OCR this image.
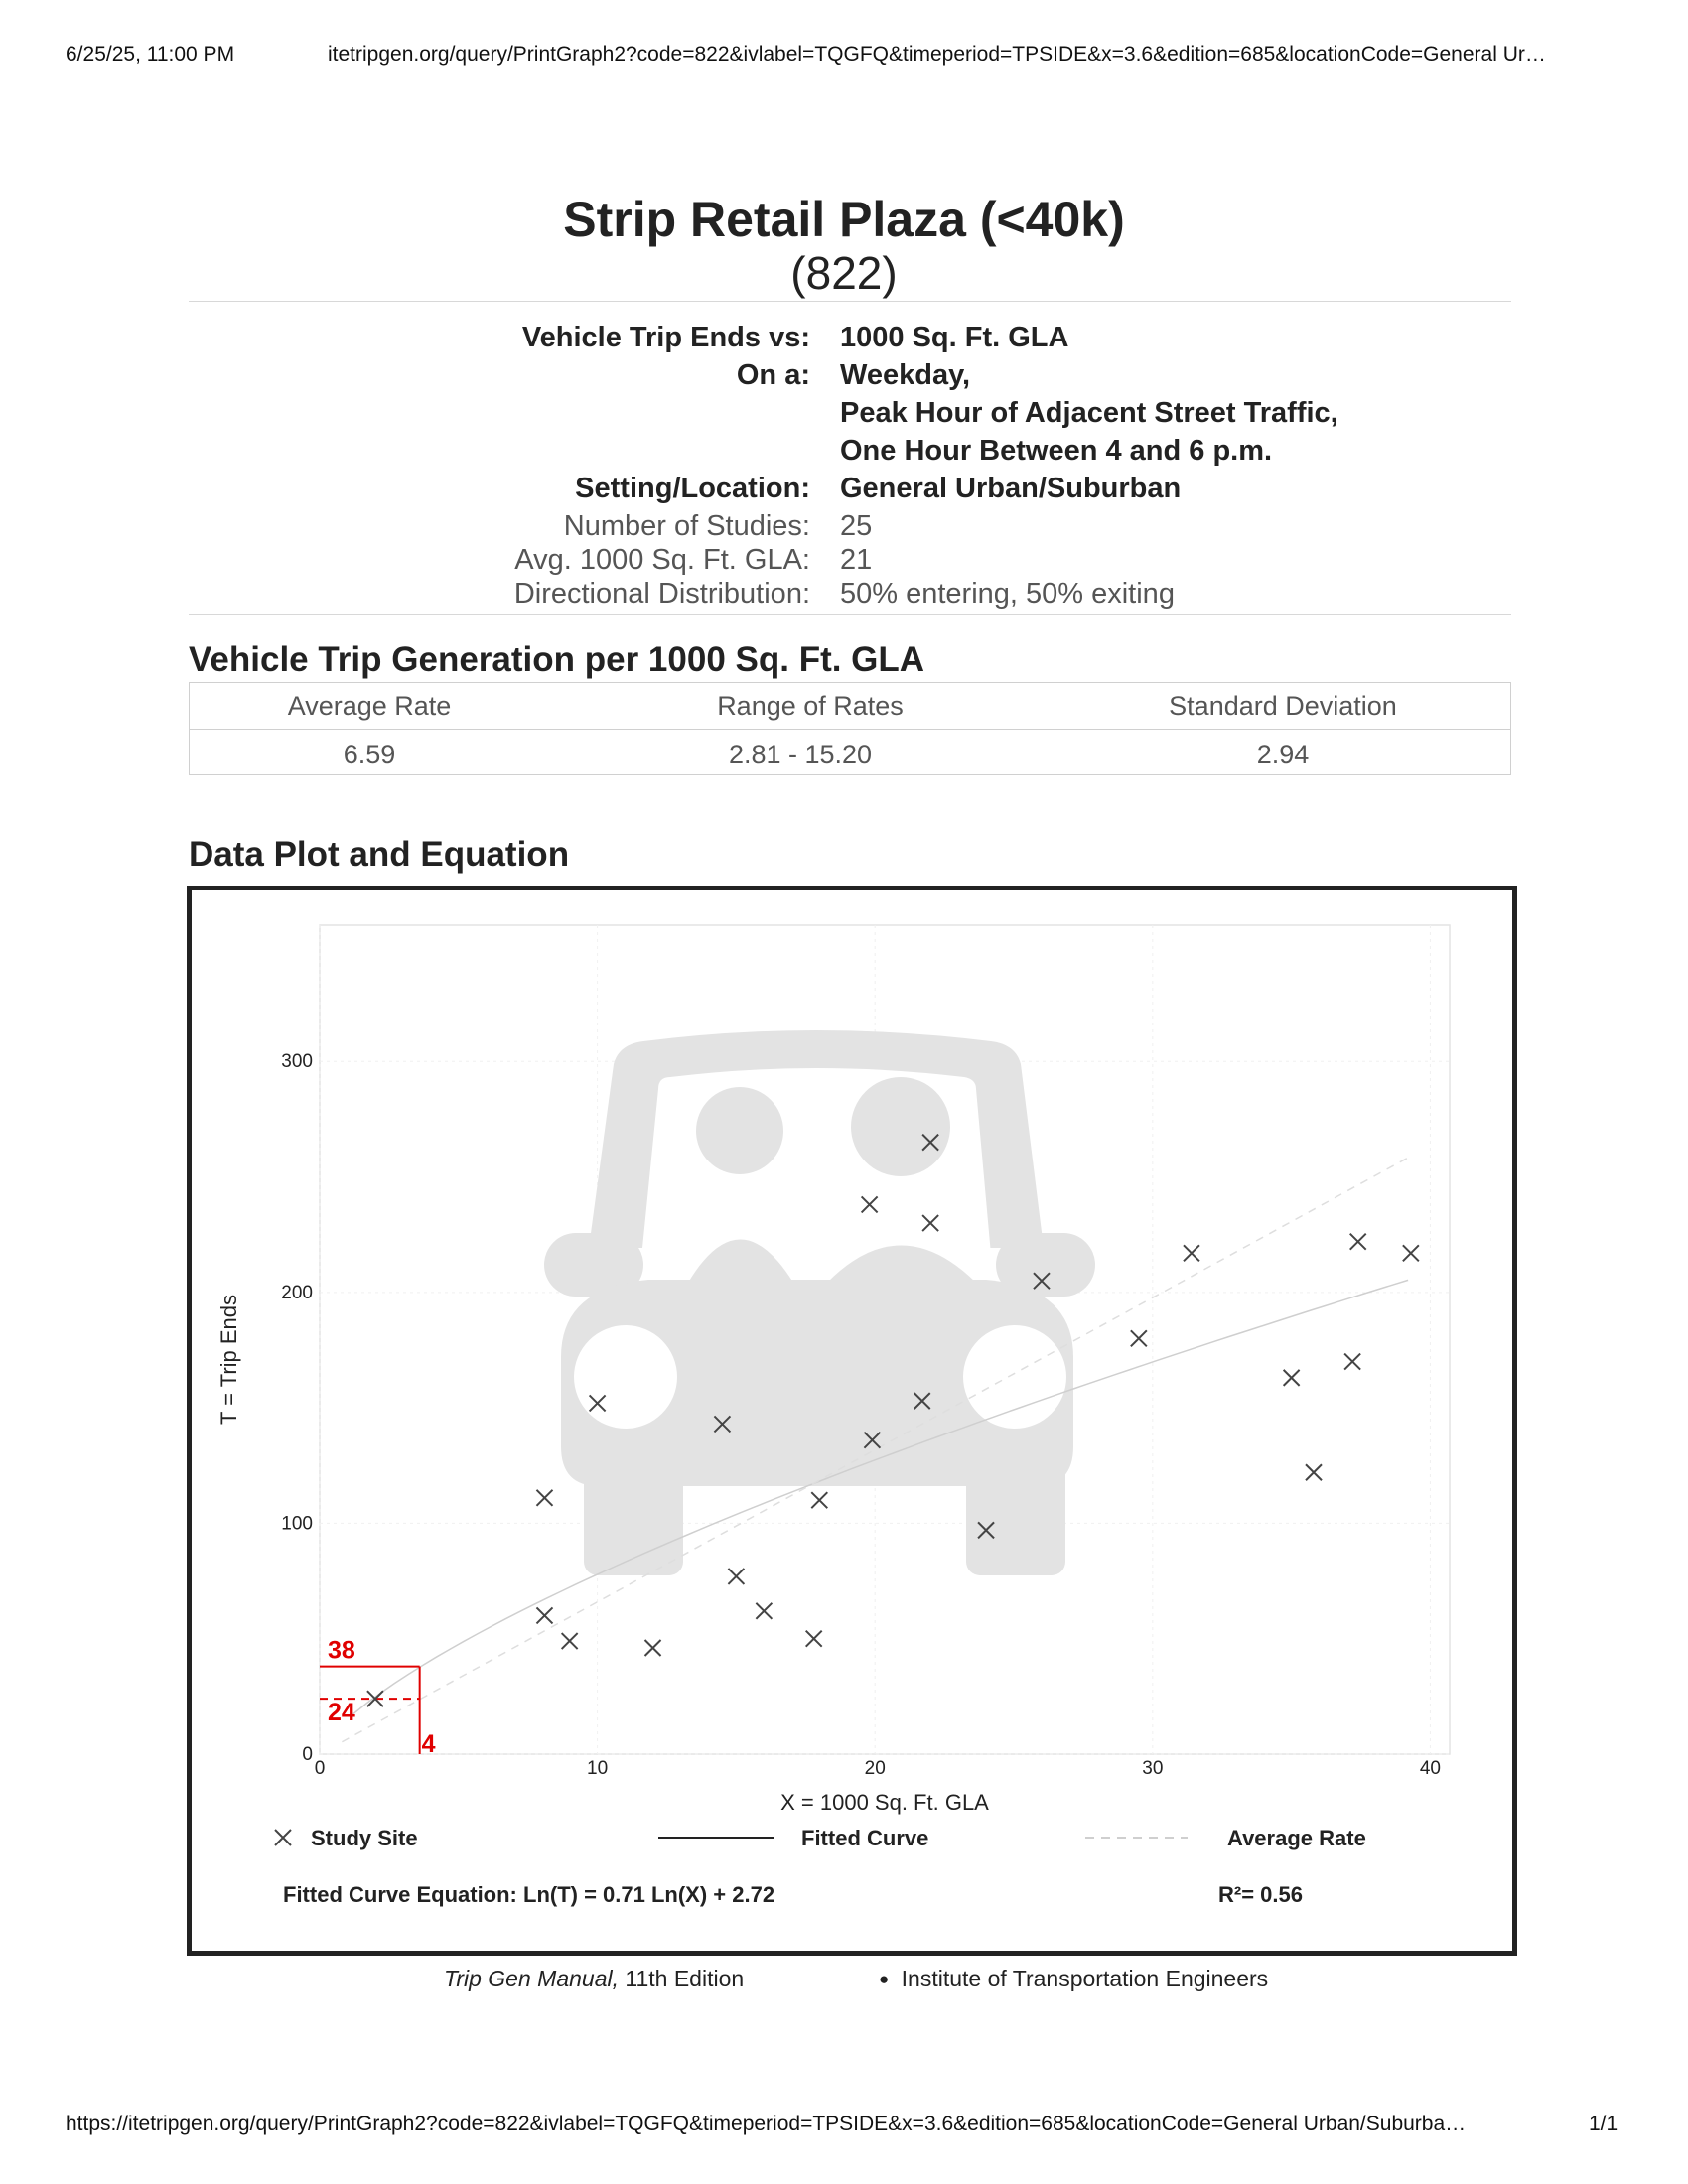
6/25/25, 11:00 PM	itetripgen.org/query/PrintGraph2?code=822&ivlabel=TQGFQ&timeperiod=TPSIDE&x=3.6&edition=685&locationCode=General Ur…
https://itetripgen.org/query/PrintGraph2?code=822&ivlabel=TQGFQ&timeperiod=TPSIDE&x=3.6&edition=685&locationCode=General Urban/Suburba…	1/1
Strip Retail Plaza (<40k)
(822)
Vehicle Trip Ends vs: 1000 Sq. Ft. GLA
On a: Weekday,
Peak Hour of Adjacent Street Traffic,
One Hour Between 4 and 6 p.m.
Setting/Location: General Urban/Suburban
Number of Studies: 25
Avg. 1000 Sq. Ft. GLA: 21
Directional Distribution: 50% entering, 50% exiting
Vehicle Trip Generation per 1000 Sq. Ft. GLA
Average Rate	Range of Rates	Standard Deviation
6.59	2.81 - 15.20	2.94
Data Plot and Equation
38
24
4
0	10	20	30	40
0
100
200
300
X = 1000 Sq. Ft. GLA
T = Trip Ends
Study Site	Fitted Curve	Average Rate
Fitted Curve Equation: Ln(T) = 0.71 Ln(X) + 2.72	R²= 0.56
Trip Gen Manual, 11th Edition	● Institute of Transportation Engineers
